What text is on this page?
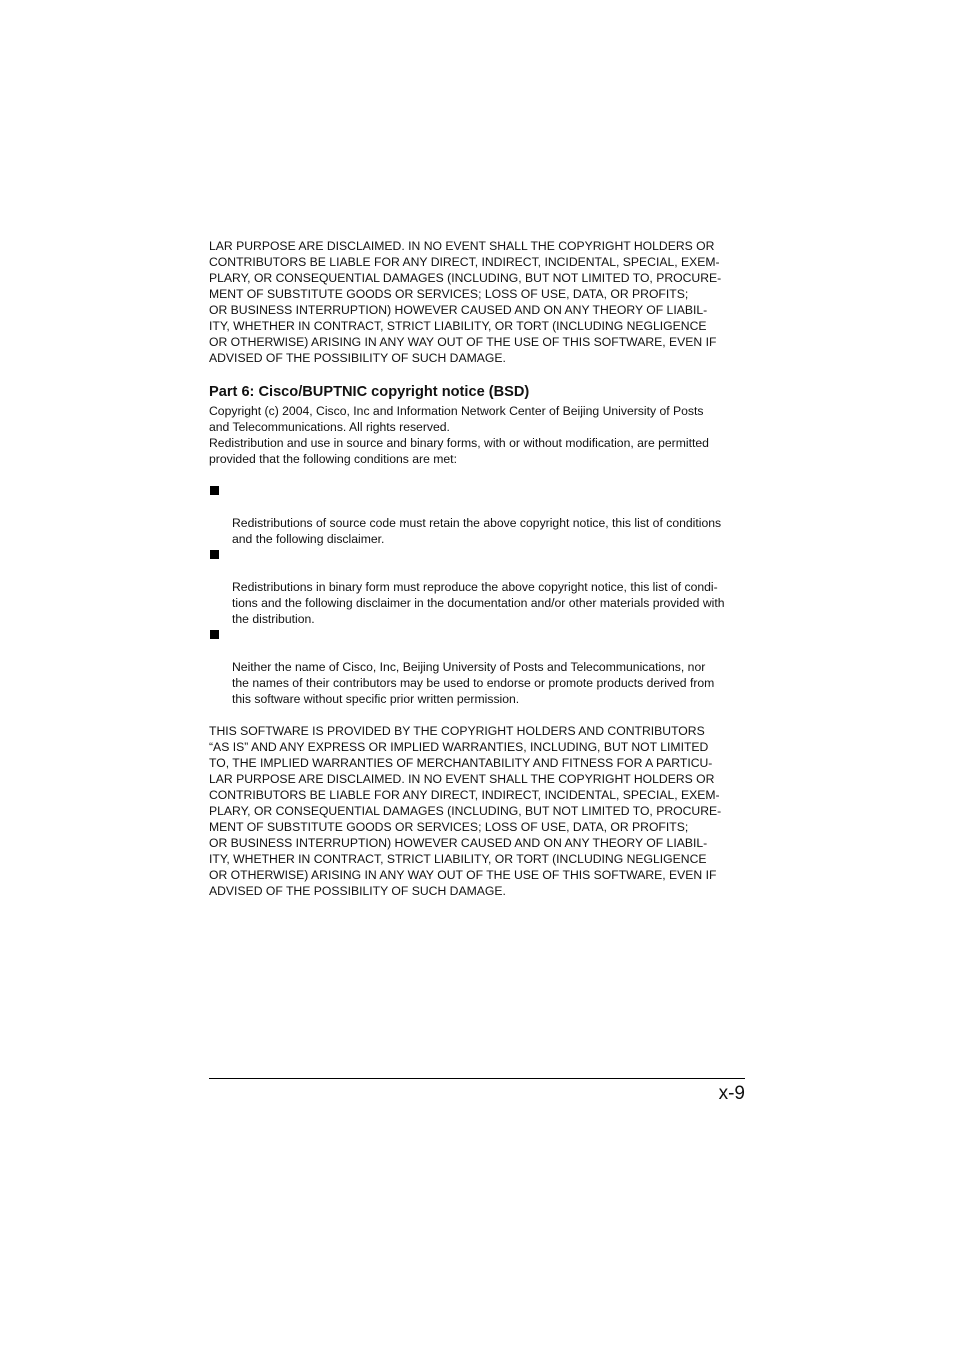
LAR PURPOSE ARE DISCLAIMED. IN NO EVENT SHALL THE COPYRIGHT HOLDERS OR
CONTRIBUTORS BE LIABLE FOR ANY DIRECT, INDIRECT, INCIDENTAL, SPECIAL, EXEM-
PLARY, OR CONSEQUENTIAL DAMAGES (INCLUDING, BUT NOT LIMITED TO, PROCURE-
MENT OF SUBSTITUTE GOODS OR SERVICES; LOSS OF USE, DATA, OR PROFITS;
OR BUSINESS INTERRUPTION) HOWEVER CAUSED AND ON ANY THEORY OF LIABIL-
ITY, WHETHER IN CONTRACT, STRICT LIABILITY, OR TORT (INCLUDING NEGLIGENCE
OR OTHERWISE) ARISING IN ANY WAY OUT OF THE USE OF THIS SOFTWARE, EVEN IF
ADVISED OF THE POSSIBILITY OF SUCH DAMAGE.

Part 6: Cisco/BUPTNIC copyright notice (BSD)

Copyright (c) 2004, Cisco, Inc and Information Network Center of Beijing University of Posts
and Telecommunications. All rights reserved.

Redistribution and use in source and binary forms, with or without modification, are permitted
provided that the following conditions are met:

Redistributions of source code must retain the above copyright notice, this list of conditions
and the following disclaimer.

Redistributions in binary form must reproduce the above copyright notice, this list of condi-
tions and the following disclaimer in the documentation and/or other materials provided with
the distribution.

Neither the name of Cisco, Inc, Beijing University of Posts and Telecommunications, nor
the names of their contributors may be used to endorse or promote products derived from
this software without specific prior written permission.

THIS SOFTWARE IS PROVIDED BY THE COPYRIGHT HOLDERS AND CONTRIBUTORS
“AS IS” AND ANY EXPRESS OR IMPLIED WARRANTIES, INCLUDING, BUT NOT LIMITED
TO, THE IMPLIED WARRANTIES OF MERCHANTABILITY AND FITNESS FOR A PARTICU-
LAR PURPOSE ARE DISCLAIMED. IN NO EVENT SHALL THE COPYRIGHT HOLDERS OR
CONTRIBUTORS BE LIABLE FOR ANY DIRECT, INDIRECT, INCIDENTAL, SPECIAL, EXEM-
PLARY, OR CONSEQUENTIAL DAMAGES (INCLUDING, BUT NOT LIMITED TO, PROCURE-
MENT OF SUBSTITUTE GOODS OR SERVICES; LOSS OF USE, DATA, OR PROFITS;
OR BUSINESS INTERRUPTION) HOWEVER CAUSED AND ON ANY THEORY OF LIABIL-
ITY, WHETHER IN CONTRACT, STRICT LIABILITY, OR TORT (INCLUDING NEGLIGENCE
OR OTHERWISE) ARISING IN ANY WAY OUT OF THE USE OF THIS SOFTWARE, EVEN IF
ADVISED OF THE POSSIBILITY OF SUCH DAMAGE.

x-9
